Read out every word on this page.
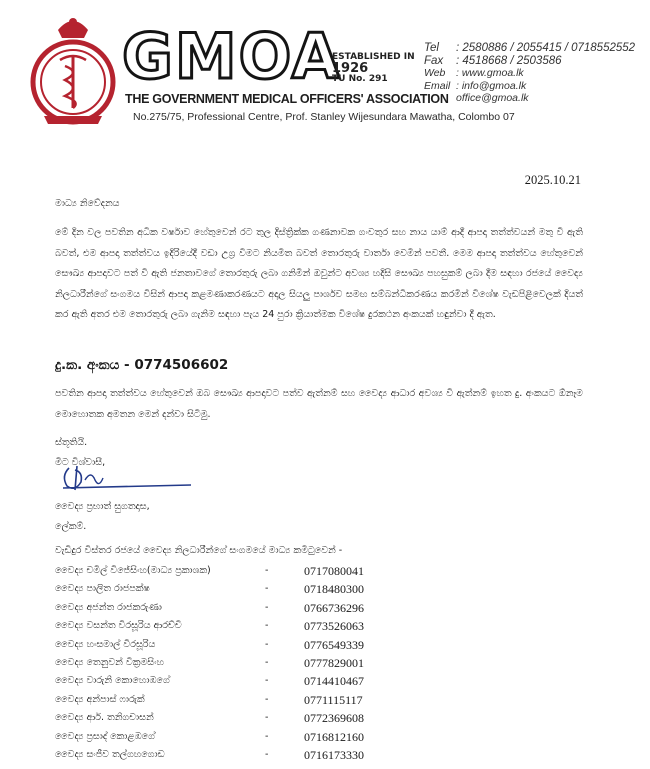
GMOA
ESTABLISHED IN
1926
TU No. 291
THE GOVERNMENT MEDICAL OFFICERS' ASSOCIATION
No.275/75, Professional Centre, Prof. Stanley Wijesundara Mawatha, Colombo 07
Tel	: 2580886 / 2055415 / 0718552552
Fax	: 4518668 / 2503586
Web	: www.gmoa.lk
Email : info@gmoa.lk
office@gmoa.lk
2025.10.21
මාධ්‍ය නිවේදනය
මේ දින වල පවතින අධික වර්ෂාව හේතුවෙන් රට තුල දිස්ත්‍රික්ක ගණනාවක ගංවතුර සහ නාය යාම් ආදී ආපදා තත්ත්වයන් මතු වී ඇති බවත්, එම ආපදා තත්ත්වය ඉදිරියේදී වඩා උග්‍ර විමට නියමිත බවත් තොරතුරු වාර්තා වෙමින් පවතී. මෙම ආපදා තත්ත්වය හේතුවෙන් සෞඛ්‍ය ආපදාවට පත් වී ඇති ජනතාවගේ තොරතුරු ලබා ගනිමින් ඔවුන්ට අවශ්‍ය හදිසි සෞඛ්‍ය පහසුකම් ලබා දීම සඳහා රජයේ වෛද්‍ය නිලධාරීන්ගේ සංගමය විසින් ආපදා කළමණාකරණයට අදාල සියලු පාර්ශව සමඟ සම්බන්ධීකරණය කරමින් විශේෂ වැඩපිළිවෙලක් දියත් කර ඇති අතර එම තොරතුරු ලබා ගැනිම සඳහා පැය 24 පුරා ක්‍රියාත්මක විශේෂ දුරකථන අංකයක් හඳුන්වා දී ඇත.
දු.ක. අංකය - 0774506602
පවතින ආපදා තත්ත්වය හේතුවෙන් ඔබ සෞඛ්‍ය ආපදාවට පත්ව ඇත්නම් සහ වෛද්‍ය ආධාර අවශ්‍ය වී ඇත්නම් ඉහත දු. අංකයට ඕනෑම මොහොතක අමතන මෙන් දන්වා සිටිමු.
ස්තූතියි.
මීට විශ්වාසී,
වෛද්‍ය ප්‍රභාත් සුගතදාස,
ලේකම්.
වැඩිදුර විස්තර රජයේ වෛද්‍ය නිලධාරීන්ගේ සංගමයේ මාධ්‍ය කමිටුවෙන් -
වෛද්‍ය චමිල් විජේසිංහ(මාධ්‍ය ප්‍රකාශක)	-	0717080041
වෛද්‍ය පාලිත රාජපක්ෂ	-	0718480300
වෛද්‍ය අජන්ත රාජකරුණා	-	0766736296
වෛද්‍ය වසන්ත විරසූරිය ආරච්චි	-	0773526063
වෛද්‍ය හංසමාල් වීරසූරිය	-	0776549339
වෛද්‍ය තෙනුවන් වික්‍රමසිංහ	-	0777829001
වෛද්‍ය වාරුනි කොහොඹගේ	-	0714410467
වෛද්‍ය අන්පාස් ෆාරුක්	-	0771115117
වෛද්‍ය ආර්. තනිගචාසන්	-	0772369608
වෛද්‍ය ප්‍රසාද් කොළඹගේ	-	0716812160
වෛද්‍ය සංජීව තල්ගහගොඩ	-	0716173330
